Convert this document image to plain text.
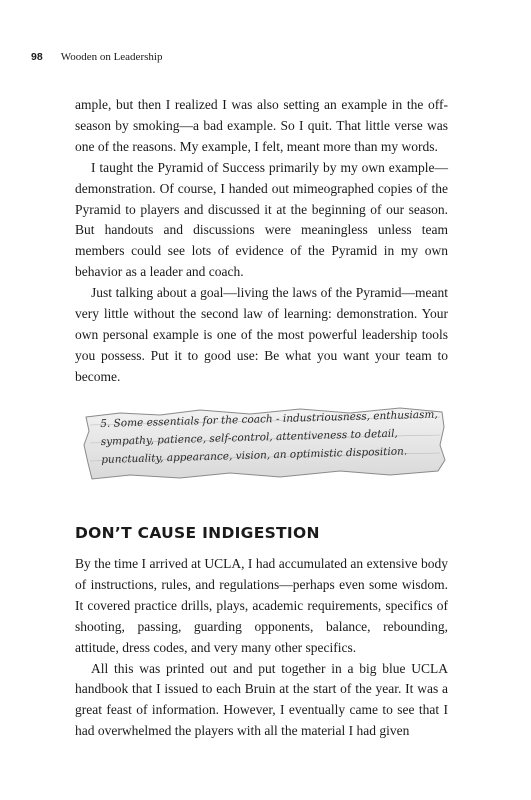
98 Wooden on Leadership

ample, but then I realized I was also setting an example in the off-season by smoking—a bad example. So I quit. That little verse was one of the reasons. My example, I felt, meant more than my words.

I taught the Pyramid of Success primarily by my own example—demonstration. Of course, I handed out mimeographed copies of the Pyramid to players and discussed it at the beginning of our season. But handouts and discussions were meaningless unless team members could see lots of evidence of the Pyramid in my own behavior as a leader and coach.

Just talking about a goal—living the laws of the Pyramid—meant very little without the second law of learning: demonstration. Your own personal example is one of the most powerful leadership tools you possess. Put it to good use: Be what you want your team to become.

5. Some essentials for the coach - industriousness, enthusiasm, sympathy, patience, self-control, attentiveness to detail, punctuality, appearance, vision, an optimistic disposition.
DON’T CAUSE INDIGESTION

By the time I arrived at UCLA, I had accumulated an extensive body of instructions, rules, and regulations—perhaps even some wisdom. It covered practice drills, plays, academic requirements, specifics of shooting, passing, guarding opponents, balance, rebounding, attitude, dress codes, and very many other specifics.

All this was printed out and put together in a big blue UCLA handbook that I issued to each Bruin at the start of the year. It was a great feast of information. However, I eventually came to see that I had overwhelmed the players with all the material I had given
